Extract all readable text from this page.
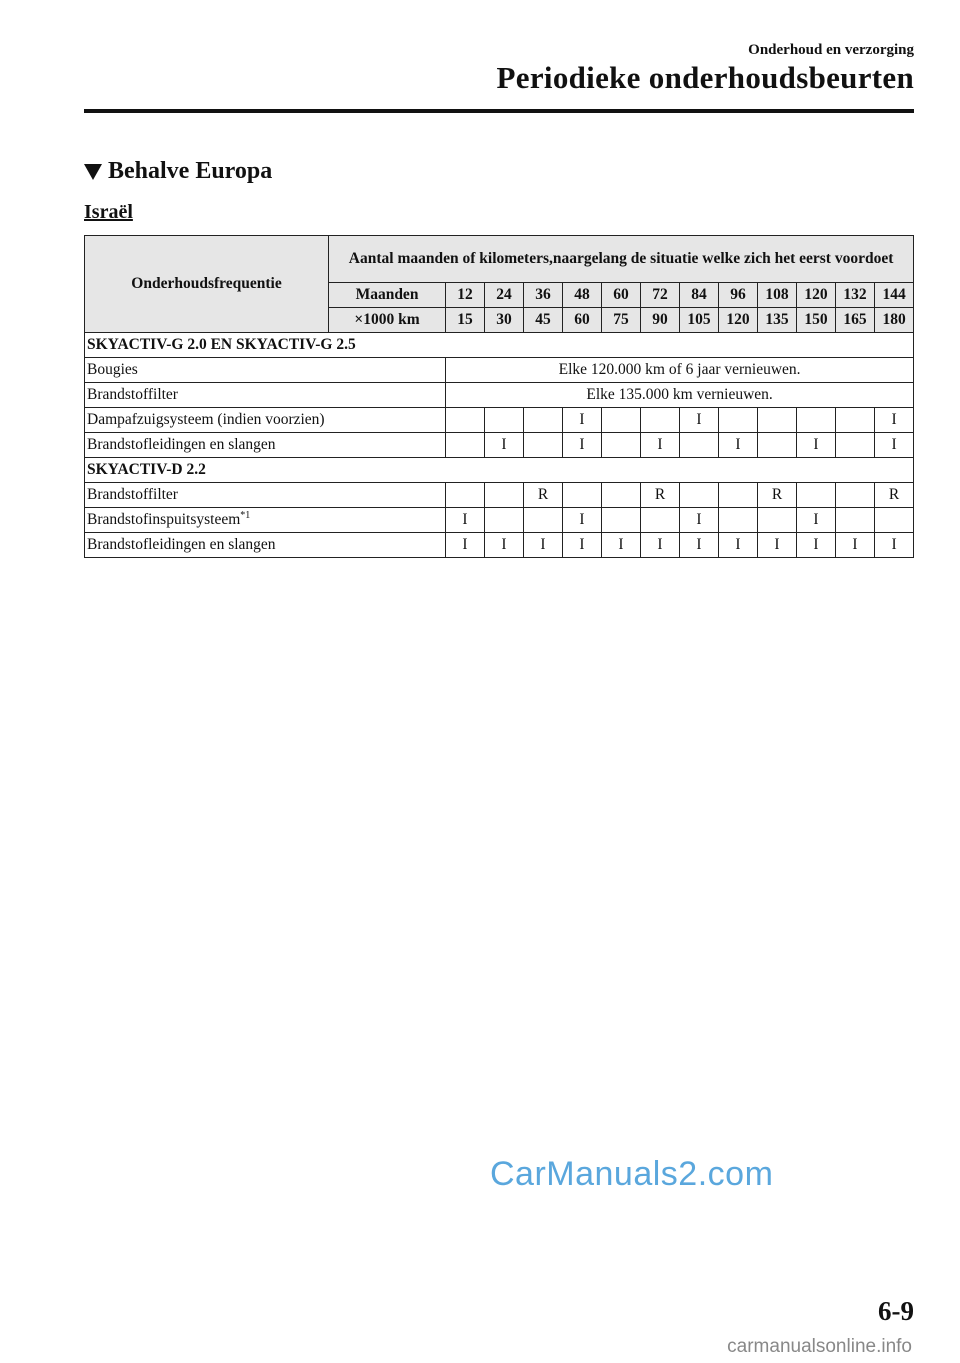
Onderhoud en verzorging
Periodieke onderhoudsbeurten
Behalve Europa
Israël
Onderhoudsfrequentie	Aantal maanden of kilometers,naargelang de situatie welke zich het eerst voordoet												
	Maanden	12	24	36	48	60	72	84	96	108	120	132	144
	×1000 km	15	30	45	60	75	90	105	120	135	150	165	180
SKYACTIV-G 2.0 EN SKYACTIV-G 2.5													
Bougies		Elke 120.000 km of 6 jaar vernieuwen.											
Brandstoffilter		Elke 135.000 km vernieuwen.											
Dampafzuigsysteem (indien voorzien)					I			I					I
Brandstofleidingen en slangen			I		I		I		I		I		I
SKYACTIV-D 2.2													
Brandstoffilter				R			R			R			R
Brandstofinspuitsysteem$^{*1}$		I			I			I			I		
Brandstofleidingen en slangen		I	I	I	I	I	I	I	I	I	I	I	I
CarManuals2.com
6-9
carmanualsonline.info
